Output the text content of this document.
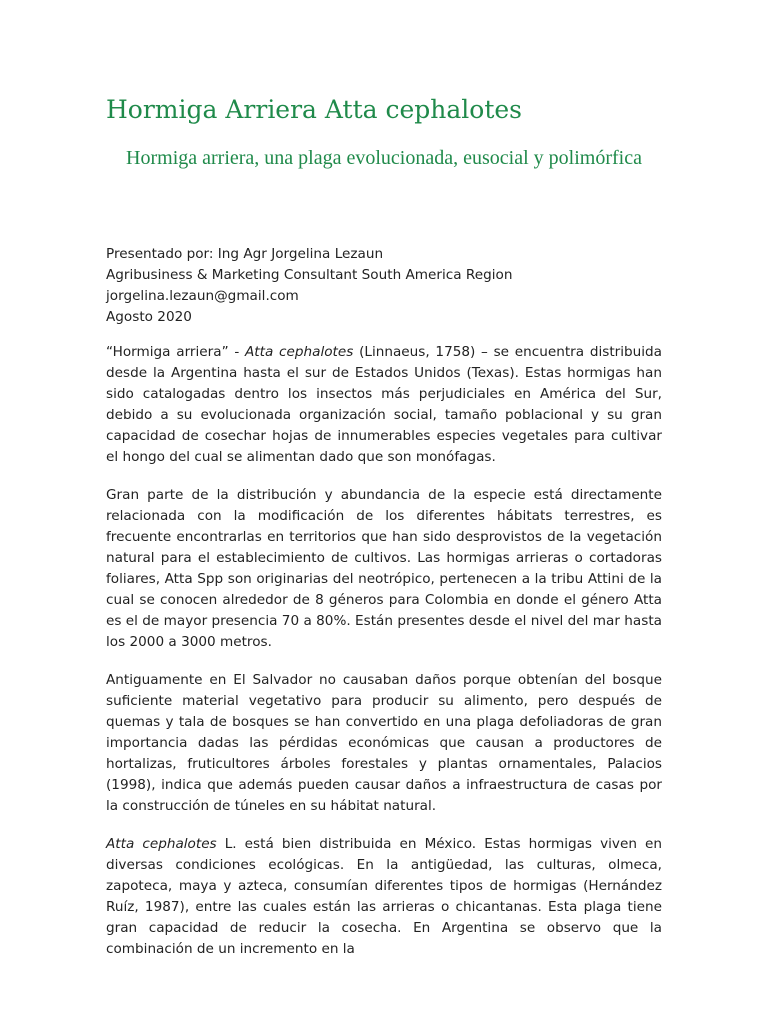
Hormiga Arriera Atta cephalotes
Hormiga arriera, una plaga evolucionada, eusocial y polimórfica
Presentado por: Ing Agr Jorgelina Lezaun
Agribusiness & Marketing Consultant South America Region
jorgelina.lezaun@gmail.com
Agosto 2020

“Hormiga arriera” - Atta cephalotes (Linnaeus, 1758) – se encuentra distribuida desde la Argentina hasta el sur de Estados Unidos (Texas). Estas hormigas han sido catalogadas dentro los insectos más perjudiciales en América del Sur, debido a su evolucionada organización social, tamaño poblacional y su gran capacidad de cosechar hojas de innumerables especies vegetales para cultivar el hongo del cual se alimentan dado que son monófagas.

Gran parte de la distribución y abundancia de la especie está directamente relacionada con la modificación de los diferentes hábitats terrestres, es frecuente encontrarlas en territorios que han sido desprovistos de la vegetación natural para el establecimiento de cultivos. Las hormigas arrieras o cortadoras foliares, Atta Spp son originarias del neotrópico, pertenecen a la tribu Attini de la cual se conocen alrededor de 8 géneros para Colombia en donde el género Atta es el de mayor presencia 70 a 80%. Están presentes desde el nivel del mar hasta los 2000 a 3000 metros.

Antiguamente en El Salvador no causaban daños porque obtenían del bosque suficiente material vegetativo para producir su alimento, pero después de quemas y tala de bosques se han convertido en una plaga defoliadoras de gran importancia dadas las pérdidas económicas que causan a productores de hortalizas, fruticultores árboles forestales y plantas ornamentales, Palacios (1998), indica que además pueden causar daños a infraestructura de casas por la construcción de túneles en su hábitat natural.

Atta cephalotes L. está bien distribuida en México. Estas hormigas viven en diversas condiciones ecológicas. En la antigüedad, las culturas, olmeca, zapoteca, maya y azteca, consumían diferentes tipos de hormigas (Hernández Ruíz, 1987), entre las cuales están las arrieras o chicantanas. Esta plaga tiene gran capacidad de reducir la cosecha. En Argentina se observo que la combinación de un incremento en la
